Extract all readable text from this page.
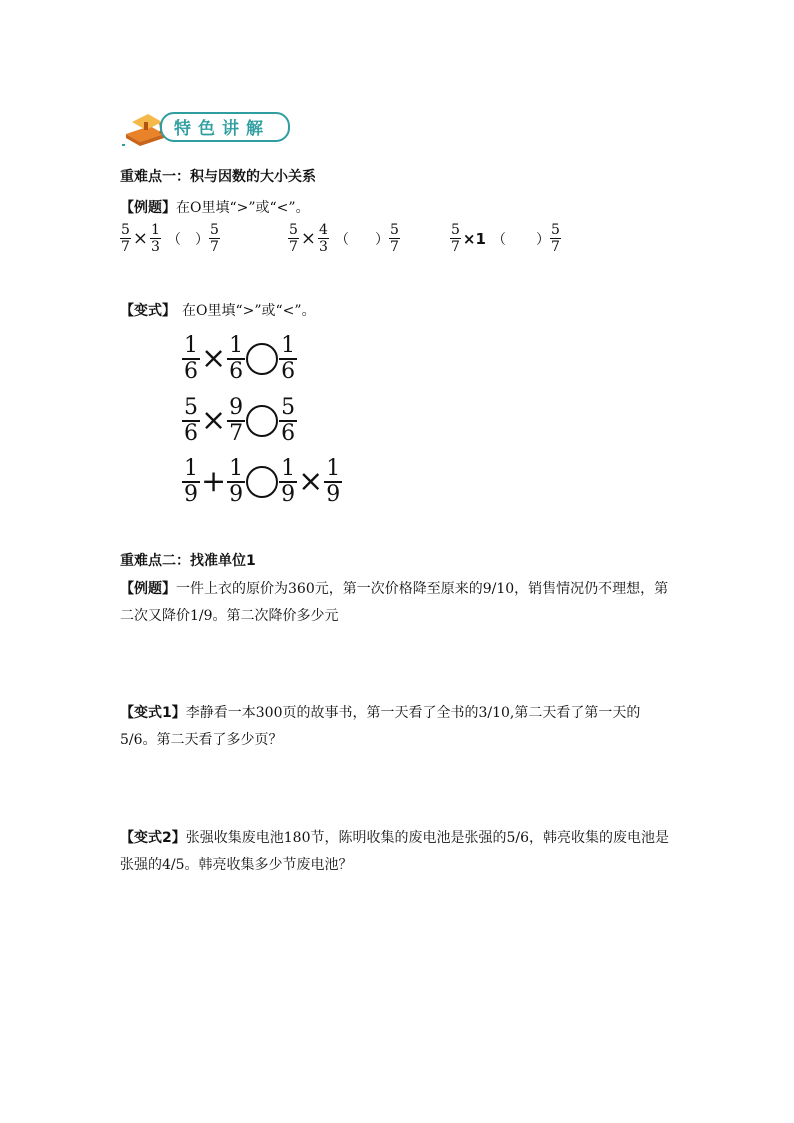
特色讲解
重难点一：积与因数的大小关系
【例题】 在O里填“>”或“<”。
$\frac{5}{7} \times \frac{1}{3}$ （ ） $\frac{5}{7}$	$\frac{5}{7} \times \frac{4}{3}$ （ ） $\frac{5}{7}$	$\frac{5}{7} \times 1$ （ ） $\frac{5}{7}$
【变式】 在O里填“>”或“<”。
$\frac{1}{6} \times \frac{1}{6} \frac{1}{6}$
$\frac{5}{6} \times \frac{9}{7} \frac{5}{6}$
$\frac{1}{9} + \frac{1}{9} \frac{1}{9} \times \frac{1}{9}$
重难点二：找准单位1
【例题】一件上衣的原价为360元，第一次价格降至原来的9/10，销售情况仍不理想，第二次又降价1/9。第二次降价多少元
【变式1】李静看一本300页的故事书，第一天看了全书的3/10,第二天看了第一天的5/6。第二天看了多少页？
【变式2】张强收集废电池180节，陈明收集的废电池是张强的5/6，韩亮收集的废电池是张强的4/5。韩亮收集多少节废电池？
